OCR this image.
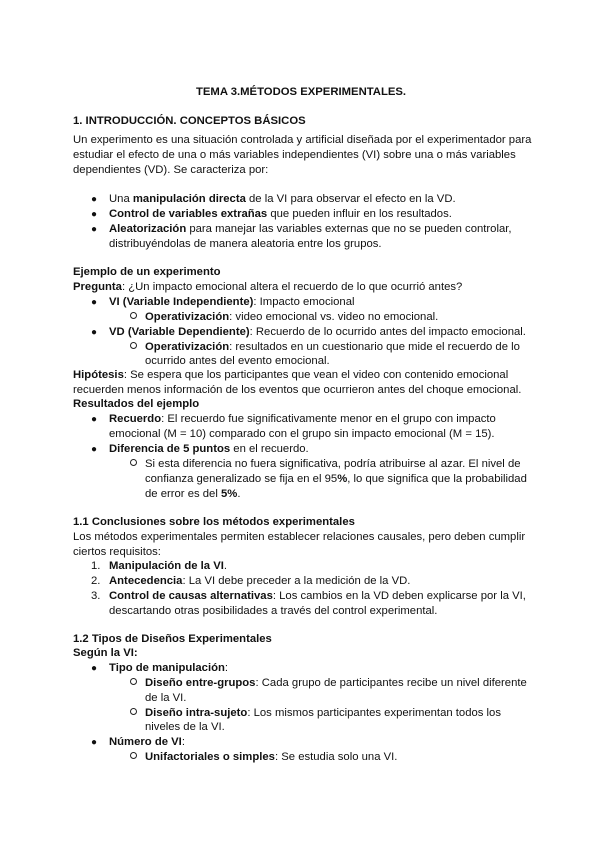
TEMA 3.MÉTODOS EXPERIMENTALES.
1. INTRODUCCIÓN. CONCEPTOS BÁSICOS
Un experimento es una situación controlada y artificial diseñada por el experimentador para
estudiar el efecto de una o más variables independientes (VI) sobre una o más variables
dependientes (VD). Se caracteriza por:
● Una manipulación directa de la VI para observar el efecto en la VD.
● Control de variables extrañas que pueden influir en los resultados.
● Aleatorización para manejar las variables externas que no se pueden controlar,
distribuyéndolas de manera aleatoria entre los grupos.
Ejemplo de un experimento
Pregunta: ¿Un impacto emocional altera el recuerdo de lo que ocurrió antes?
● VI (Variable Independiente): Impacto emocional
Operativización: video emocional vs. video no emocional.
● VD (Variable Dependiente): Recuerdo de lo ocurrido antes del impacto emocional.
Operativización: resultados en un cuestionario que mide el recuerdo de lo
ocurrido antes del evento emocional.
Hipótesis: Se espera que los participantes que vean el video con contenido emocional
recuerden menos información de los eventos que ocurrieron antes del choque emocional.
Resultados del ejemplo
● Recuerdo: El recuerdo fue significativamente menor en el grupo con impacto
emocional (M = 10) comparado con el grupo sin impacto emocional (M = 15).
● Diferencia de 5 puntos en el recuerdo.
Si esta diferencia no fuera significativa, podría atribuirse al azar. El nivel de
confianza generalizado se fija en el 95%, lo que significa que la probabilidad
de error es del 5%.
1.1 Conclusiones sobre los métodos experimentales
Los métodos experimentales permiten establecer relaciones causales, pero deben cumplir
ciertos requisitos:
1. Manipulación de la VI.
2. Antecedencia: La VI debe preceder a la medición de la VD.
3. Control de causas alternativas: Los cambios en la VD deben explicarse por la VI,
descartando otras posibilidades a través del control experimental.
1.2 Tipos de Diseños Experimentales
Según la VI:
● Tipo de manipulación:
Diseño entre-grupos: Cada grupo de participantes recibe un nivel diferente
de la VI.
Diseño intra-sujeto: Los mismos participantes experimentan todos los
niveles de la VI.
● Número de VI:
Unifactoriales o simples: Se estudia solo una VI.
